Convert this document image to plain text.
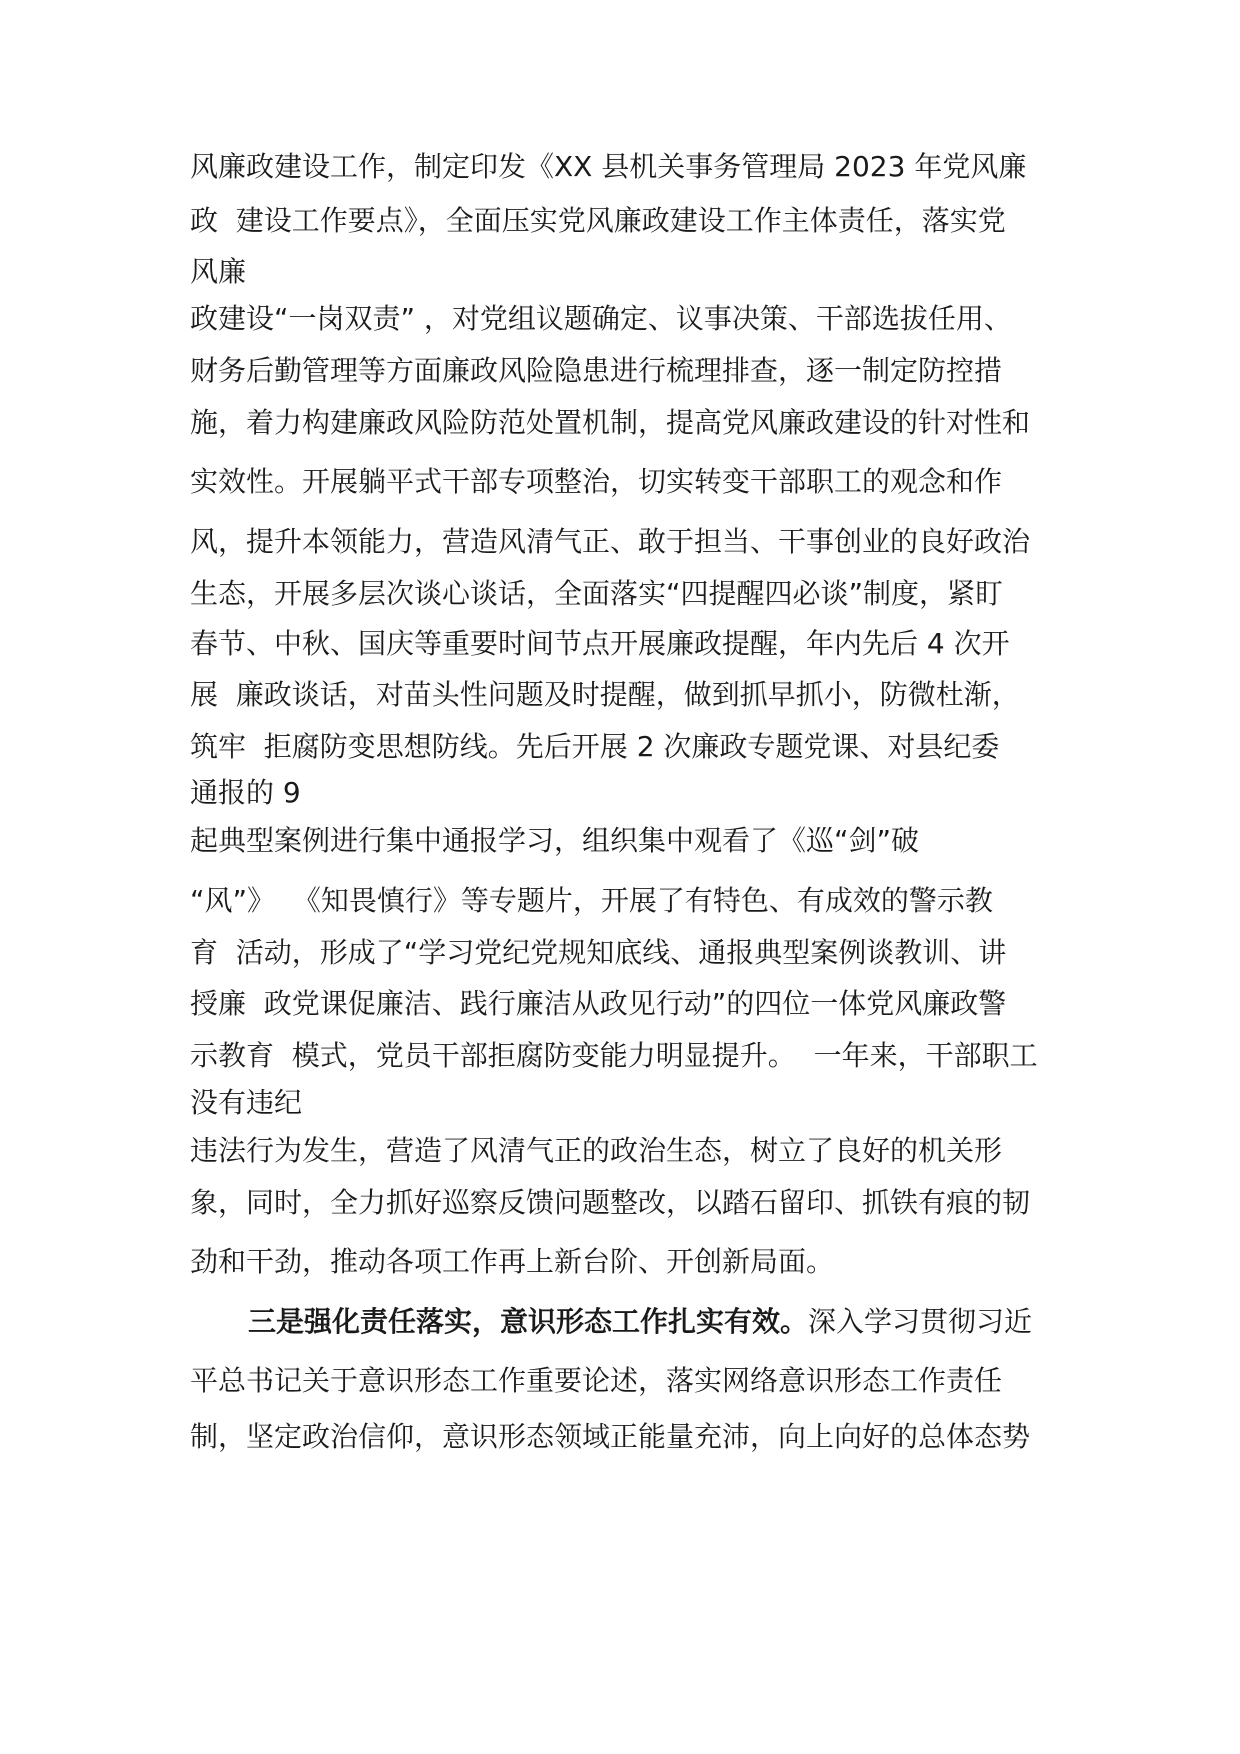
风廉政建设工作，制定印发《XX 县机关事务管理局 2023 年党风廉
政  建设工作要点》，全面压实党风廉政建设工作主体责任，落实党
风廉
政建设“一岗双责” ，对党组议题确定、议事决策、干部选拔任用、
财务后勤管理等方面廉政风险隐患进行梳理排查，逐一制定防控措
施，着力构建廉政风险防范处置机制，提高党风廉政建设的针对性和
实效性。开展躺平式干部专项整治，切实转变干部职工的观念和作
风，提升本领能力，营造风清气正、敢于担当、干事创业的良好政治
生态，开展多层次谈心谈话，全面落实“四提醒四必谈”制度，紧盯
春节、中秋、国庆等重要时间节点开展廉政提醒，年内先后 4 次开
展  廉政谈话，对苗头性问题及时提醒，做到抓早抓小，防微杜渐，
筑牢  拒腐防变思想防线。先后开展 2 次廉政专题党课、对县纪委
通报的 9
起典型案例进行集中通报学习，组织集中观看了《巡“剑”破
“风”》  《知畏慎行》等专题片，开展了有特色、有成效的警示教
育  活动，形成了“学习党纪党规知底线、通报典型案例谈教训、讲
授廉  政党课促廉洁、践行廉洁从政见行动”的四位一体党风廉政警
示教育  模式，党员干部拒腐防变能力明显提升。  一年来，干部职工
没有违纪
违法行为发生，营造了风清气正的政治生态，树立了良好的机关形
象，同时，全力抓好巡察反馈问题整改，以踏石留印、抓铁有痕的韧
劲和干劲，推动各项工作再上新台阶、开创新局面。
三是强化责任落实，意识形态工作扎实有效。深入学习贯彻习近
平总书记关于意识形态工作重要论述，落实网络意识形态工作责任
制，坚定政治信仰，意识形态领域正能量充沛，向上向好的总体态势
